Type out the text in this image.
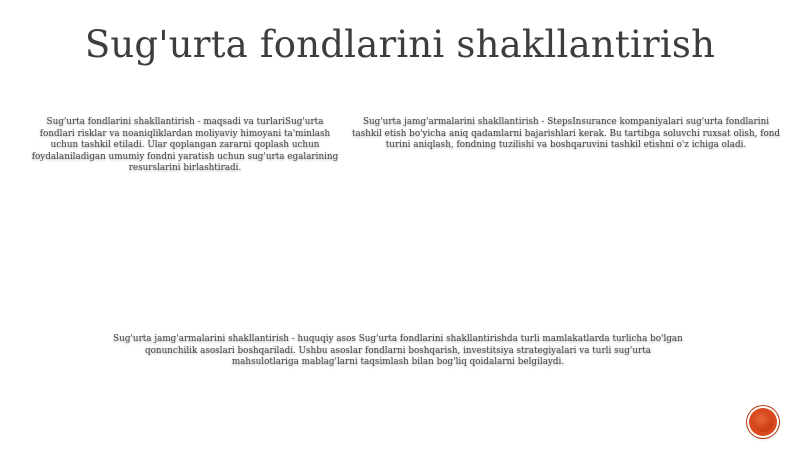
Sug'urta fondlarini shakllantirish
Sug'urta fondlarini shakllantirish - maqsadi va turlariSug'urta fondlari risklar va noaniqliklardan moliyaviy himoyani ta'minlash uchun tashkil etiladi. Ular qoplangan zararni qoplash uchun foydalaniladigan umumiy fondni yaratish uchun sug'urta egalarining resurslarini birlashtiradi.
Sug'urta jamg'armalarini shakllantirish - StepsInsurance kompaniyalari sug'urta fondlarini tashkil etish bo'yicha aniq qadamlarni bajarishlari kerak. Bu tartibga soluvchi ruxsat olish, fond turini aniqlash, fondning tuzilishi va boshqaruvini tashkil etishni o'z ichiga oladi.
Sug'urta jamg'armalarini shakllantirish - huquqiy asos Sug'urta fondlarini shakllantirishda turli mamlakatlarda turlicha bo'lgan qonunchilik asoslari boshqariladi. Ushbu asoslar fondlarni boshqarish, investitsiya strategiyalari va turli sug'urta mahsulotlariga mablag'larni taqsimlash bilan bog'liq qoidalarni belgilaydi.
